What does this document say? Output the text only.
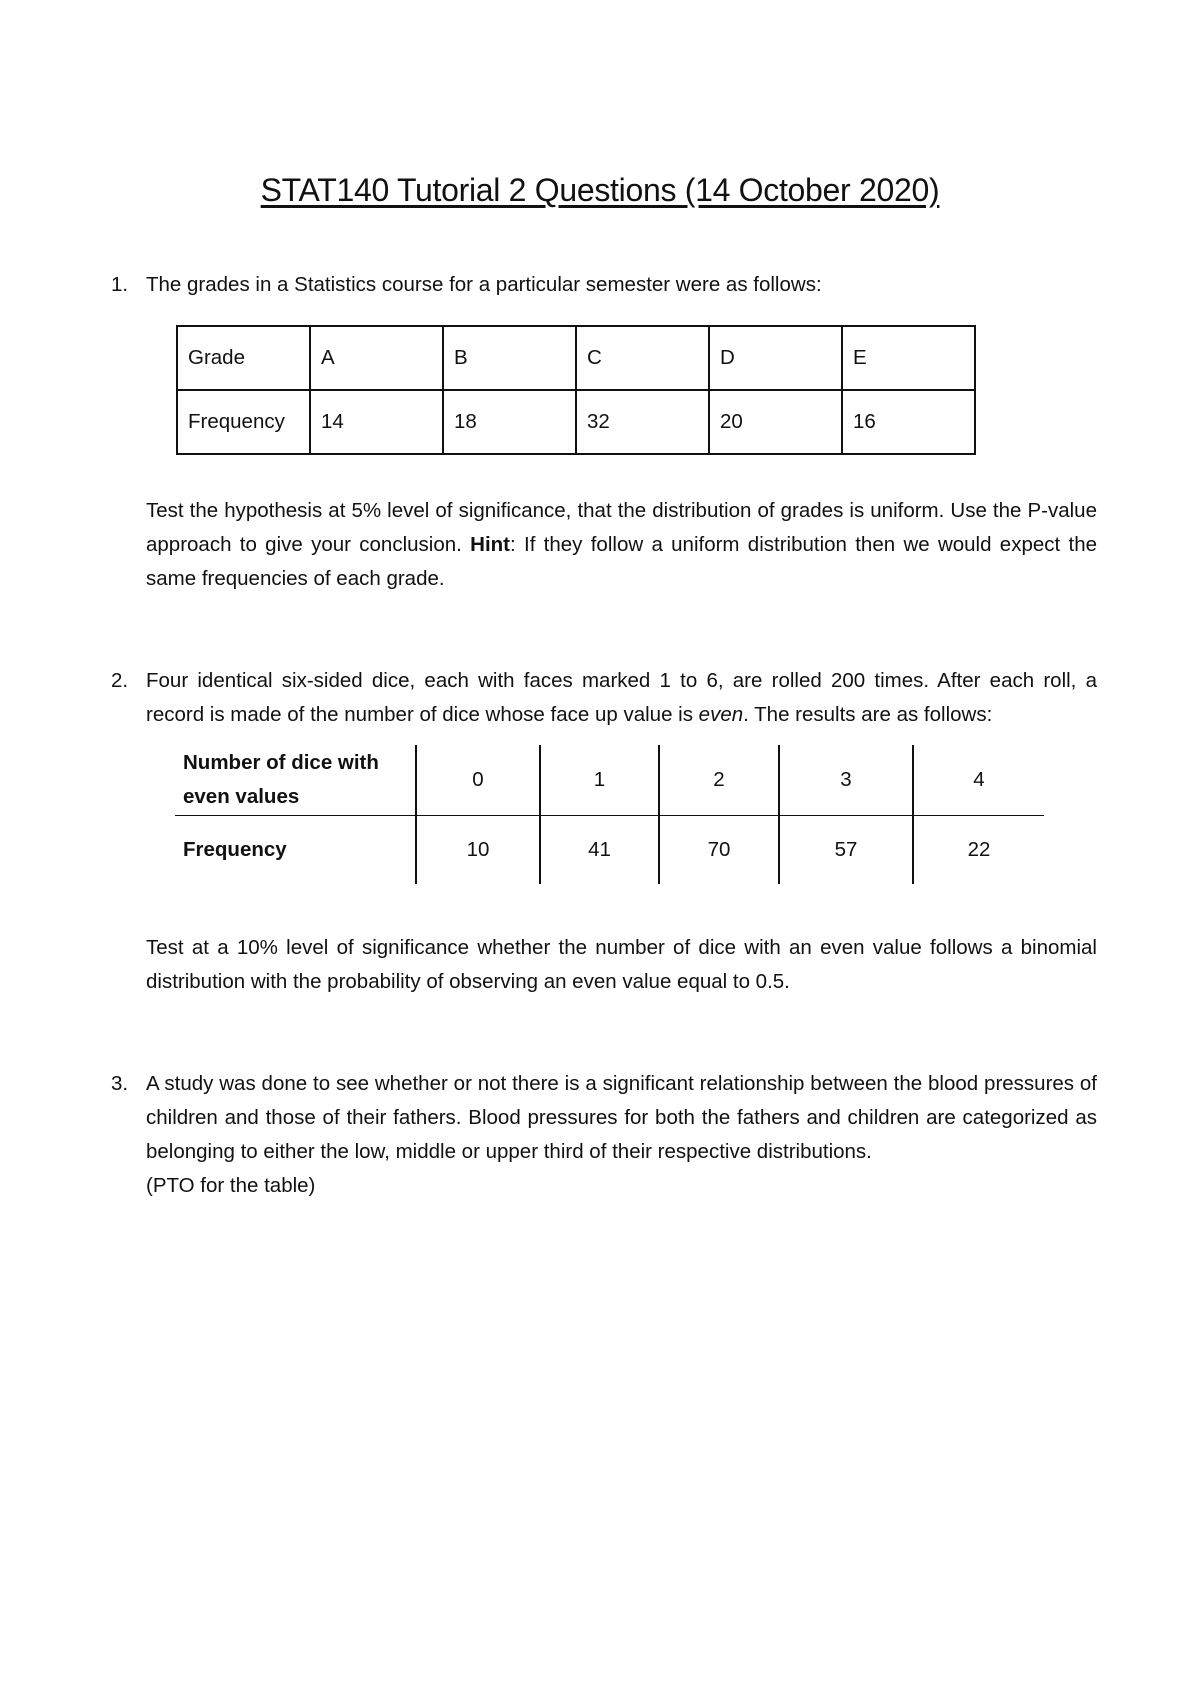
STAT140 Tutorial 2 Questions (14 October 2020)
1. The grades in a Statistics course for a particular semester were as follows:

Grade	A	B	C	D	E
Frequency	14	18	32	20	16

Test the hypothesis at 5% level of significance, that the distribution of grades is uniform. Use the P-value approach to give your conclusion. Hint: If they follow a uniform distribution then we would expect the same frequencies of each grade.

2. Four identical six-sided dice, each with faces marked 1 to 6, are rolled 200 times. After each roll, a record is made of the number of dice whose face up value is even. The results are as follows:

Number of dice with
even values	0	1	2	3	4
Frequency	10	41	70	57	22

Test at a 10% level of significance whether the number of dice with an even value follows a binomial distribution with the probability of observing an even value equal to 0.5.

3. A study was done to see whether or not there is a significant relationship between the blood pressures of children and those of their fathers. Blood pressures for both the fathers and children are categorized as belonging to either the low, middle or upper third of their respective distributions.

(PTO for the table)
